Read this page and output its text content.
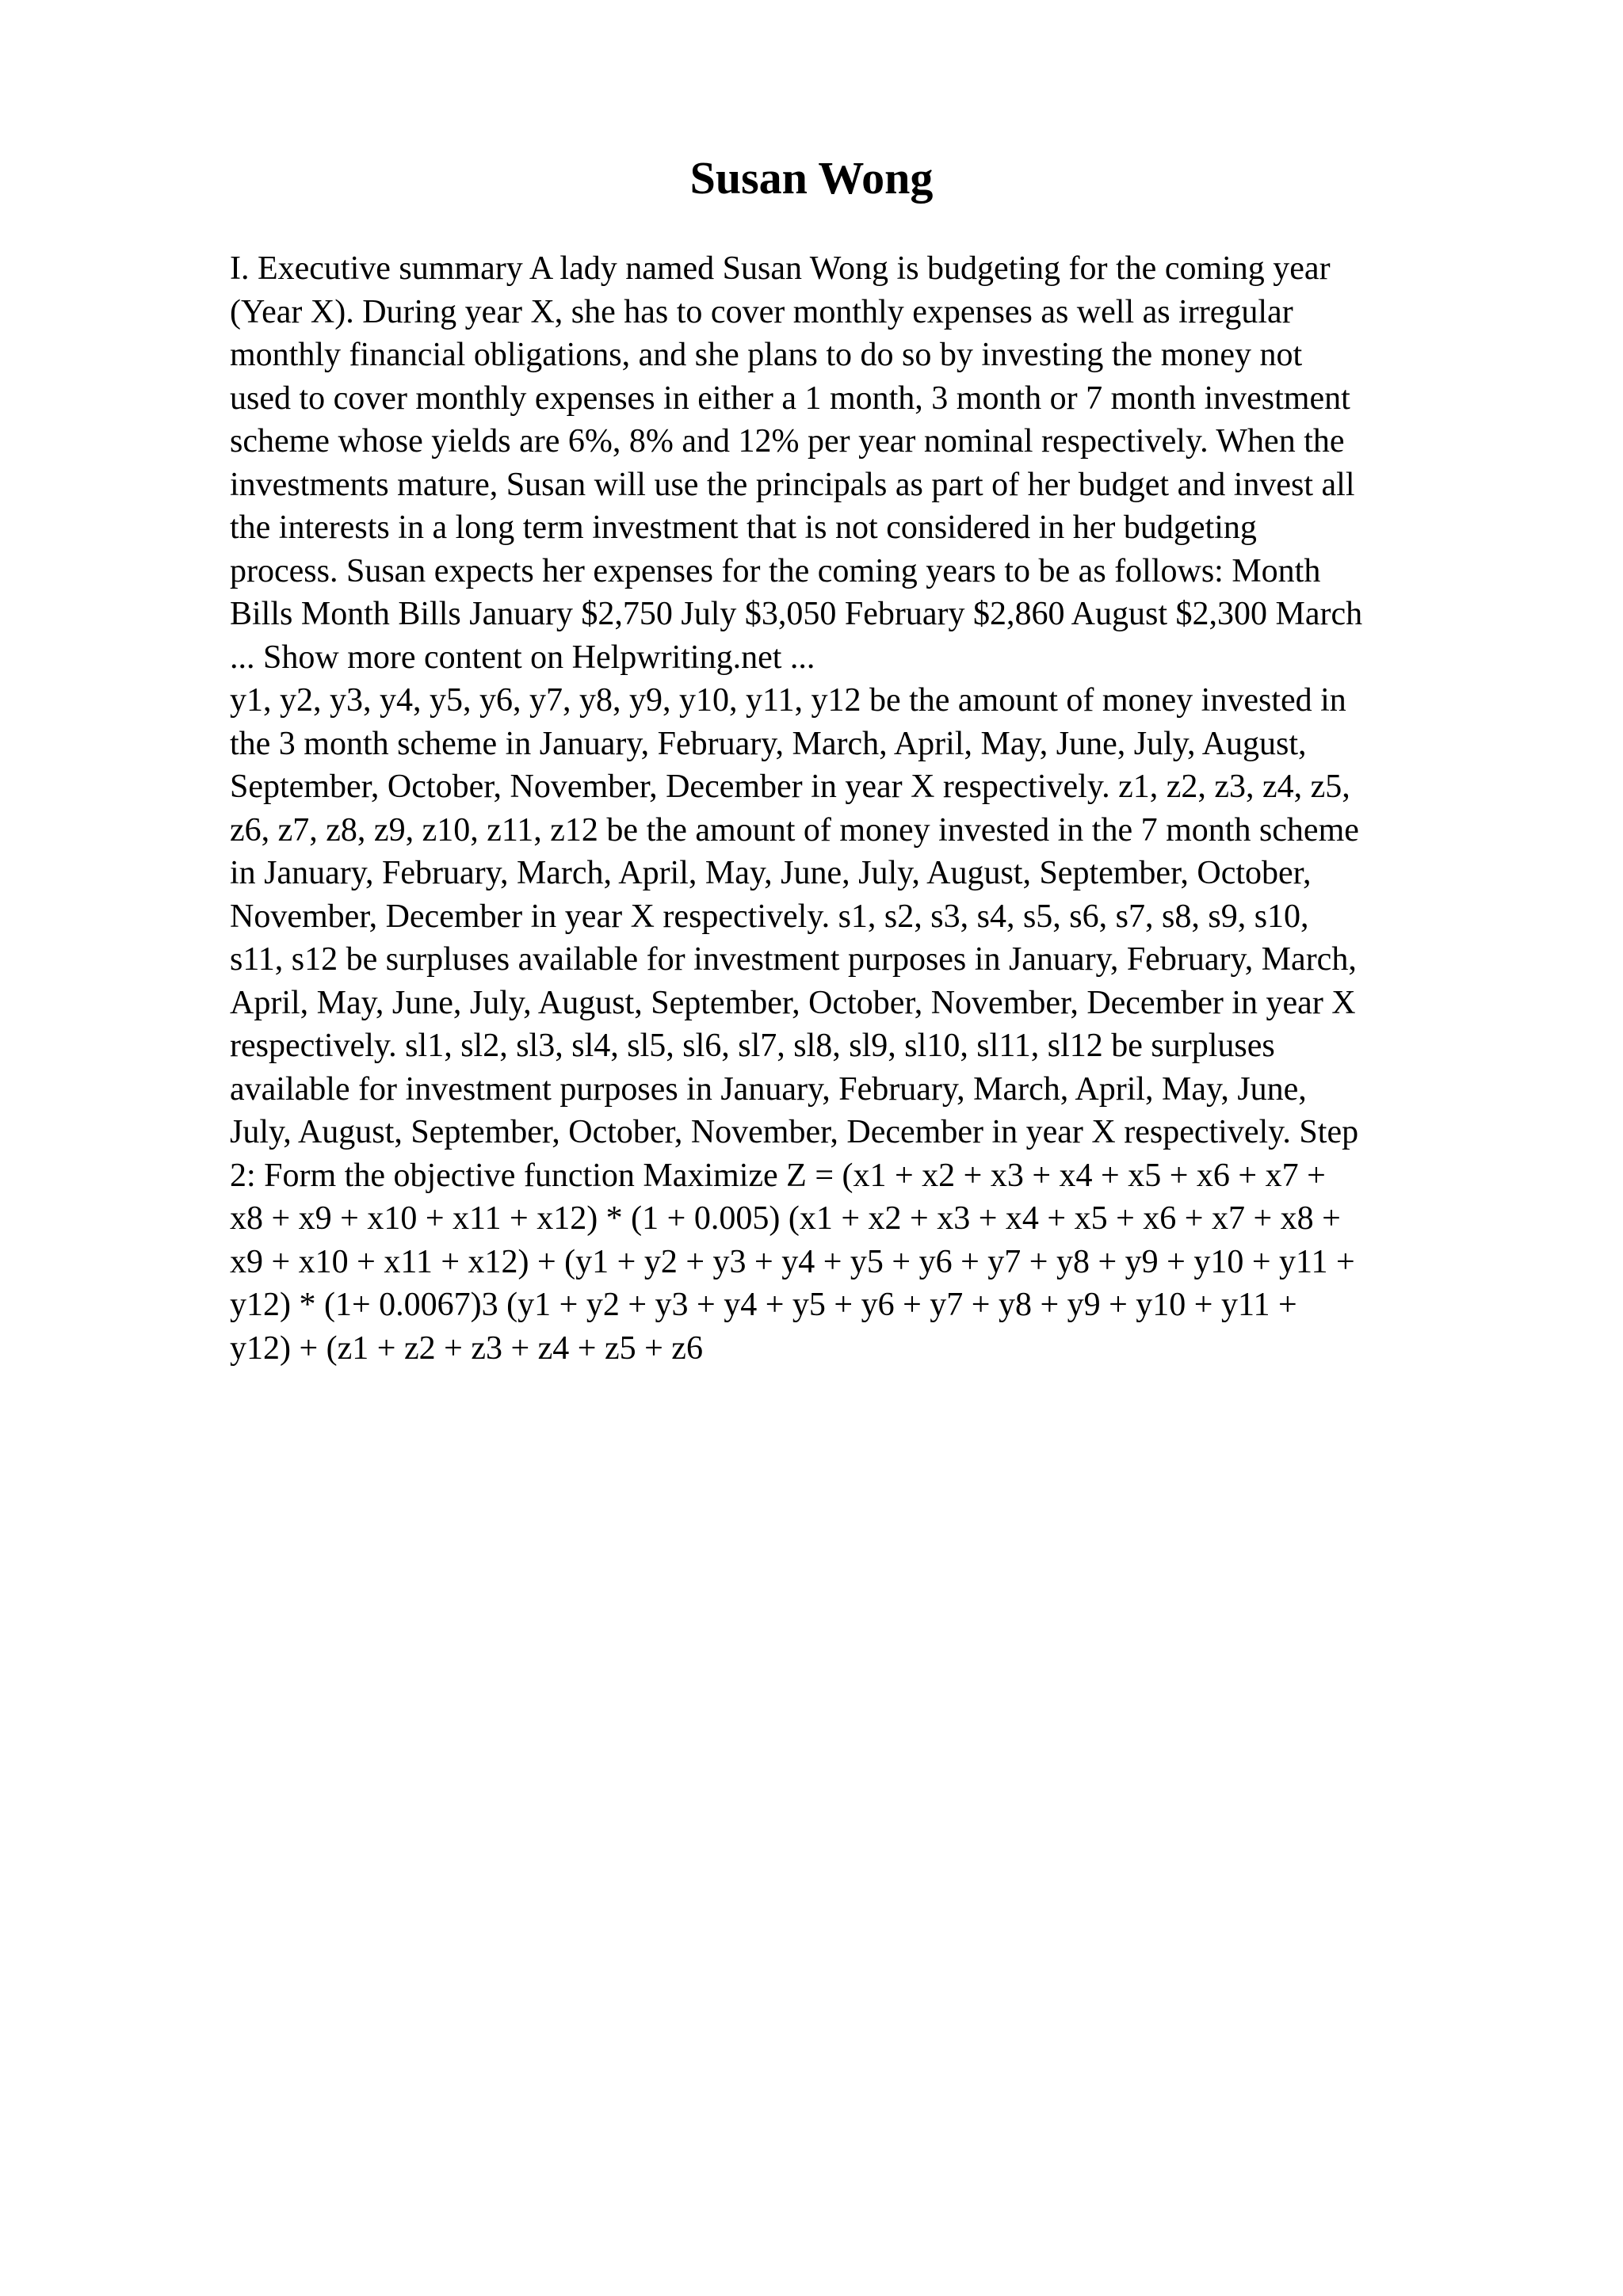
Susan Wong

I. Executive summary A lady named Susan Wong is budgeting for the coming year
(Year X). During year X, she has to cover monthly expenses as well as irregular
monthly financial obligations, and she plans to do so by investing the money not
used to cover monthly expenses in either a 1 month, 3 month or 7 month investment
scheme whose yields are 6%, 8% and 12% per year nominal respectively. When the
investments mature, Susan will use the principals as part of her budget and invest all
the interests in a long term investment that is not considered in her budgeting
process. Susan expects her expenses for the coming years to be as follows: Month
Bills Month Bills January $2,750 July $3,050 February $2,860 August $2,300 March
... Show more content on Helpwriting.net ...

y1, y2, y3, y4, y5, y6, y7, y8, y9, y10, y11, y12 be the amount of money invested in
the 3 month scheme in January, February, March, April, May, June, July, August,
September, October, November, December in year X respectively. z1, z2, z3, z4, z5,
z6, z7, z8, z9, z10, z11, z12 be the amount of money invested in the 7 month scheme
in January, February, March, April, May, June, July, August, September, October,
November, December in year X respectively. s1, s2, s3, s4, s5, s6, s7, s8, s9, s10,
s11, s12 be surpluses available for investment purposes in January, February, March,
April, May, June, July, August, September, October, November, December in year X
respectively. sl1, sl2, sl3, sl4, sl5, sl6, sl7, sl8, sl9, sl10, sl11, sl12 be surpluses
available for investment purposes in January, February, March, April, May, June,
July, August, September, October, November, December in year X respectively. Step
2: Form the objective function Maximize Z = (x1 + x2 + x3 + x4 + x5 + x6 + x7 +
x8 + x9 + x10 + x11 + x12) * (1 + 0.005) (x1 + x2 + x3 + x4 + x5 + x6 + x7 + x8 +
x9 + x10 + x11 + x12) + (y1 + y2 + y3 + y4 + y5 + y6 + y7 + y8 + y9 + y10 + y11 +
y12) * (1+ 0.0067)3 (y1 + y2 + y3 + y4 + y5 + y6 + y7 + y8 + y9 + y10 + y11 +
y12) + (z1 + z2 + z3 + z4 + z5 + z6
